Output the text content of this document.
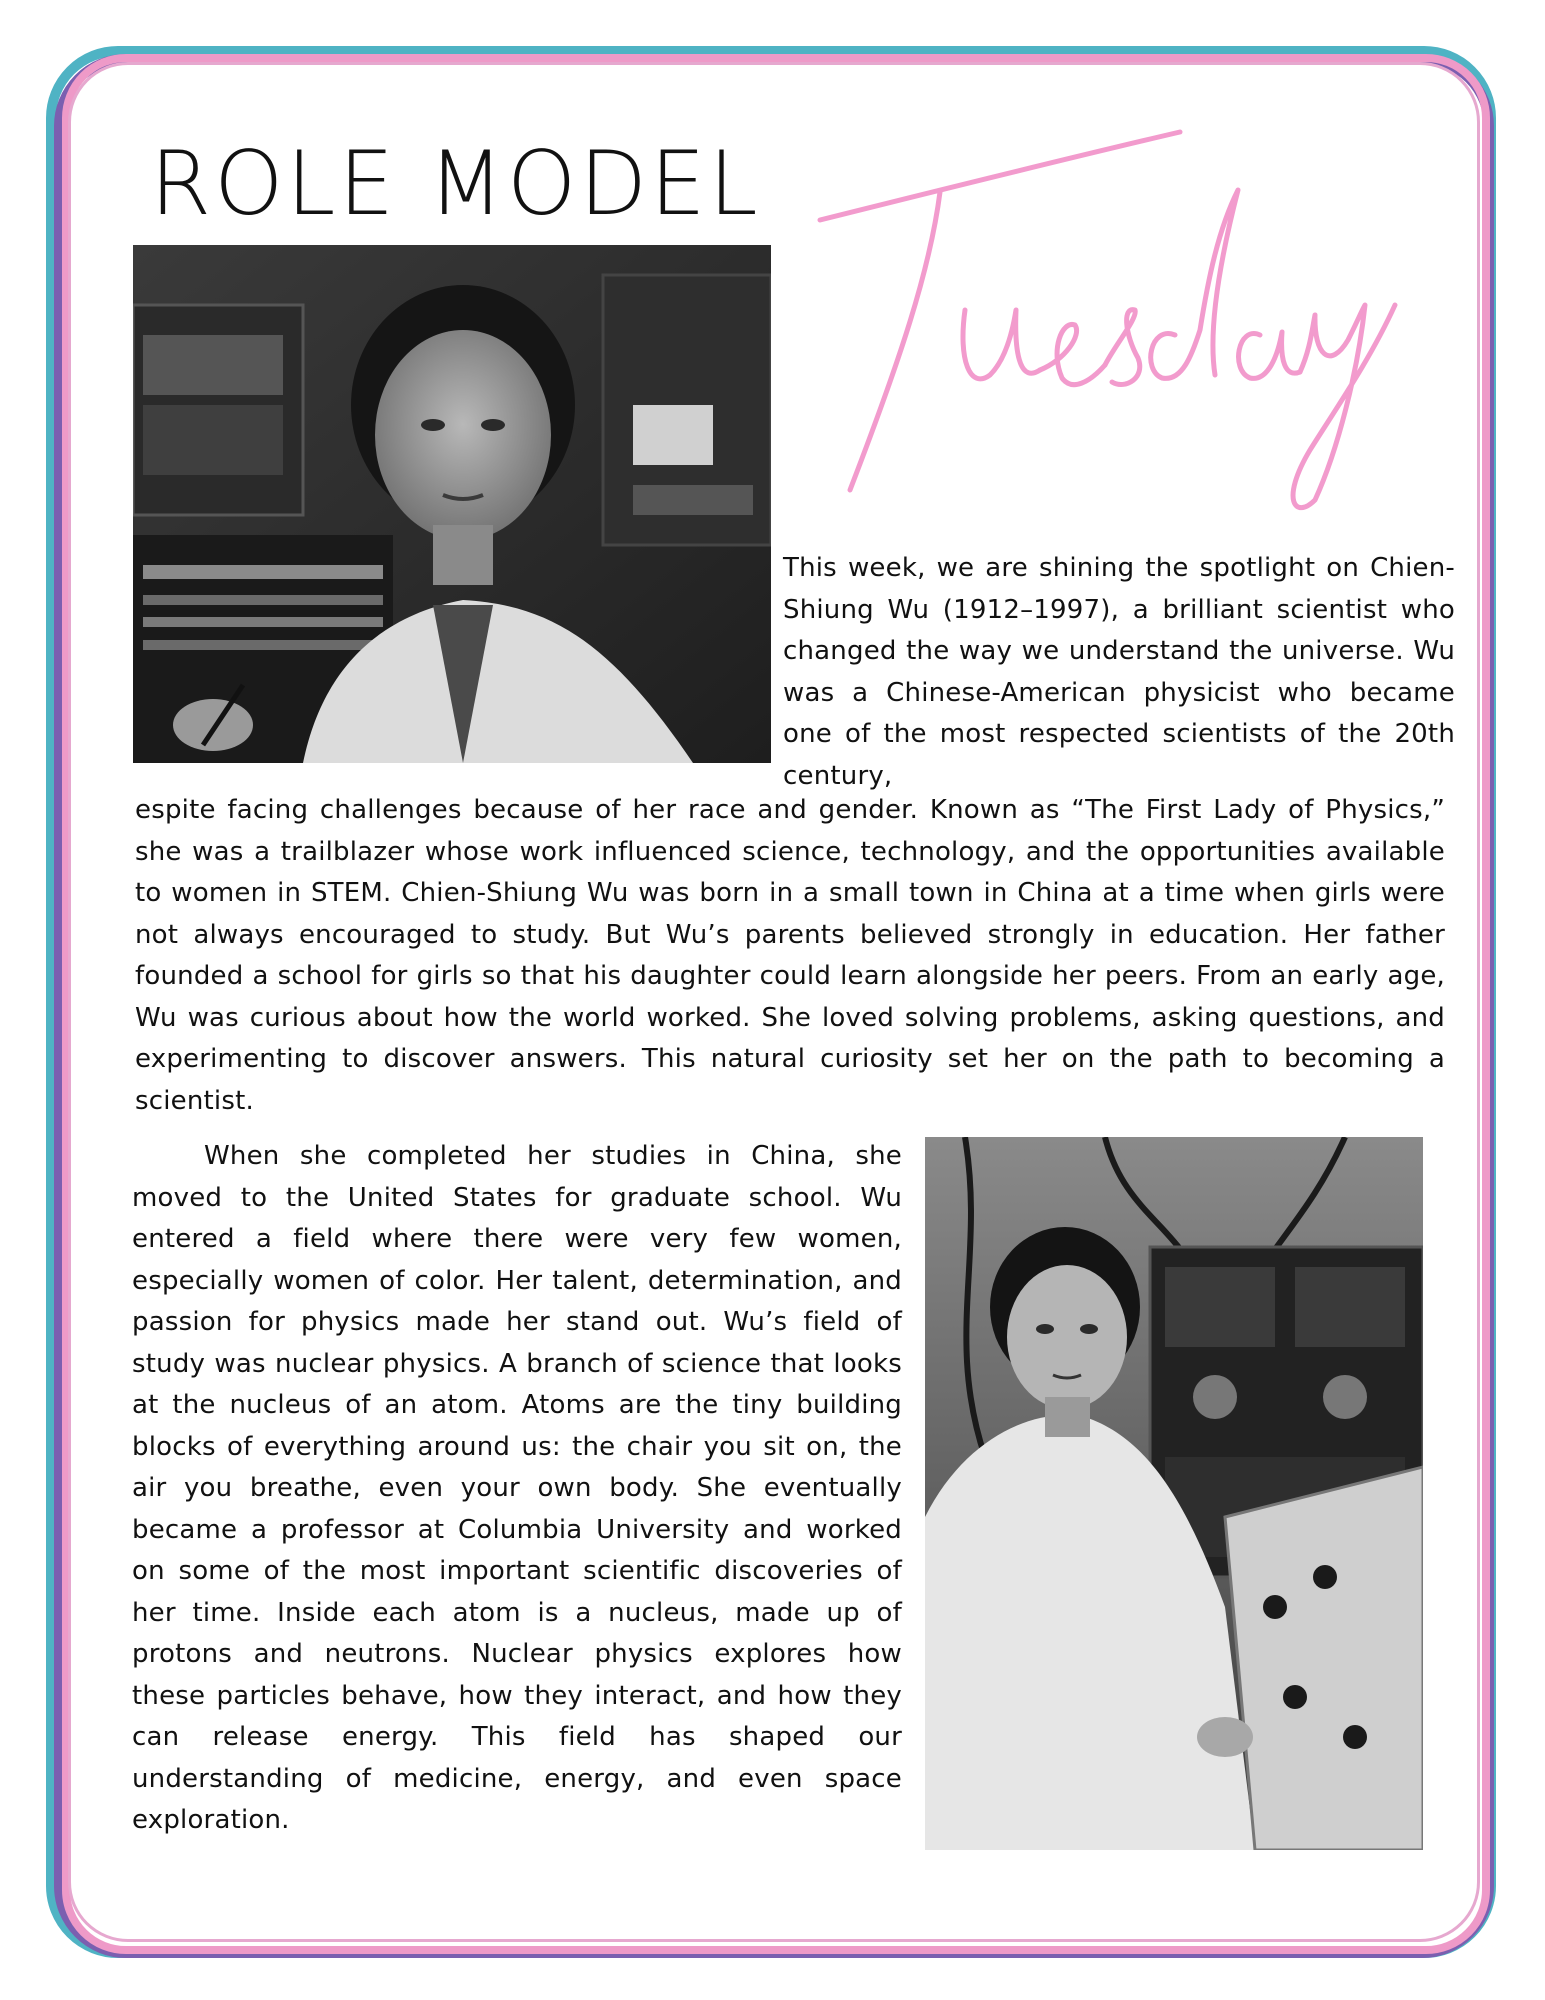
ROLE MODEL

This week, we are shining the spotlight on Chien-Shiung Wu (1912–1997), a brilliant scientist who changed the way we understand the universe. Wu was a Chinese-American physicist who became one of the most respected scientists of the 20th century,

espite facing challenges because of her race and gender. Known as “The First Lady of Physics,” she was a trailblazer whose work influenced science, technology, and the opportunities available to women in STEM. Chien-Shiung Wu was born in a small town in China at a time when girls were not always encouraged to study. But Wu’s parents believed strongly in education. Her father founded a school for girls so that his daughter could learn alongside her peers. From an early age, Wu was curious about how the world worked. She loved solving problems, asking questions, and experimenting to discover answers. This natural curiosity set her on the path to becoming a scientist.

When she completed her studies in China, she moved to the United States for graduate school. Wu entered a field where there were very few women, especially women of color. Her talent, determination, and passion for physics made her stand out. Wu’s field of study was nuclear physics. A branch of science that looks at the nucleus of an atom. Atoms are the tiny building blocks of everything around us: the chair you sit on, the air you breathe, even your own body. She eventually became a professor at Columbia University and worked on some of the most important scientific discoveries of her time. Inside each atom is a nucleus, made up of protons and neutrons. Nuclear physics explores how these particles behave, how they interact, and how they can release energy. This field has shaped our understanding of medicine, energy, and even space exploration.
